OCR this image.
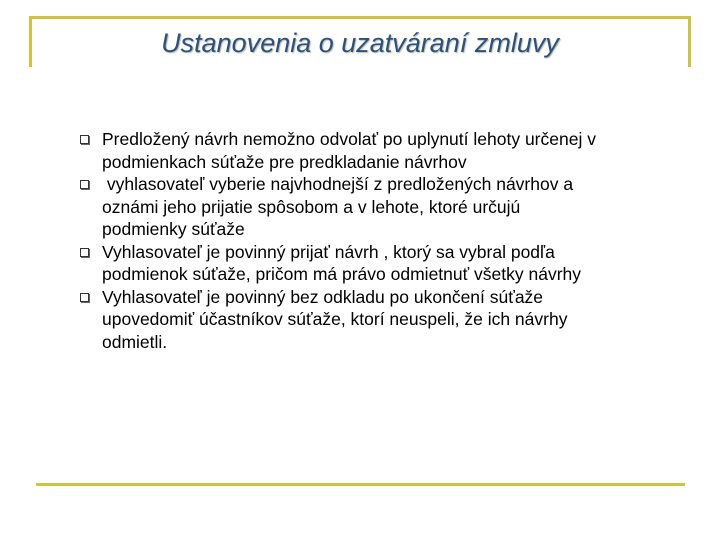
Ustanovenia o uzatváraní zmluvy
Predložený návrh nemožno odvolať po uplynutí lehoty určenej v
podmienkach súťaže pre predkladanie návrhov
vyhlasovateľ vyberie najvhodnejší z predložených návrhov a
oznámi jeho prijatie spôsobom a v lehote, ktoré určujú
podmienky súťaže
Vyhlasovateľ je povinný prijať návrh , ktorý sa vybral podľa
podmienok súťaže, pričom má právo odmietnuť všetky návrhy
Vyhlasovateľ je povinný bez odkladu po ukončení súťaže
upovedomiť účastníkov súťaže, ktorí neuspeli, že ich návrhy
odmietli.
